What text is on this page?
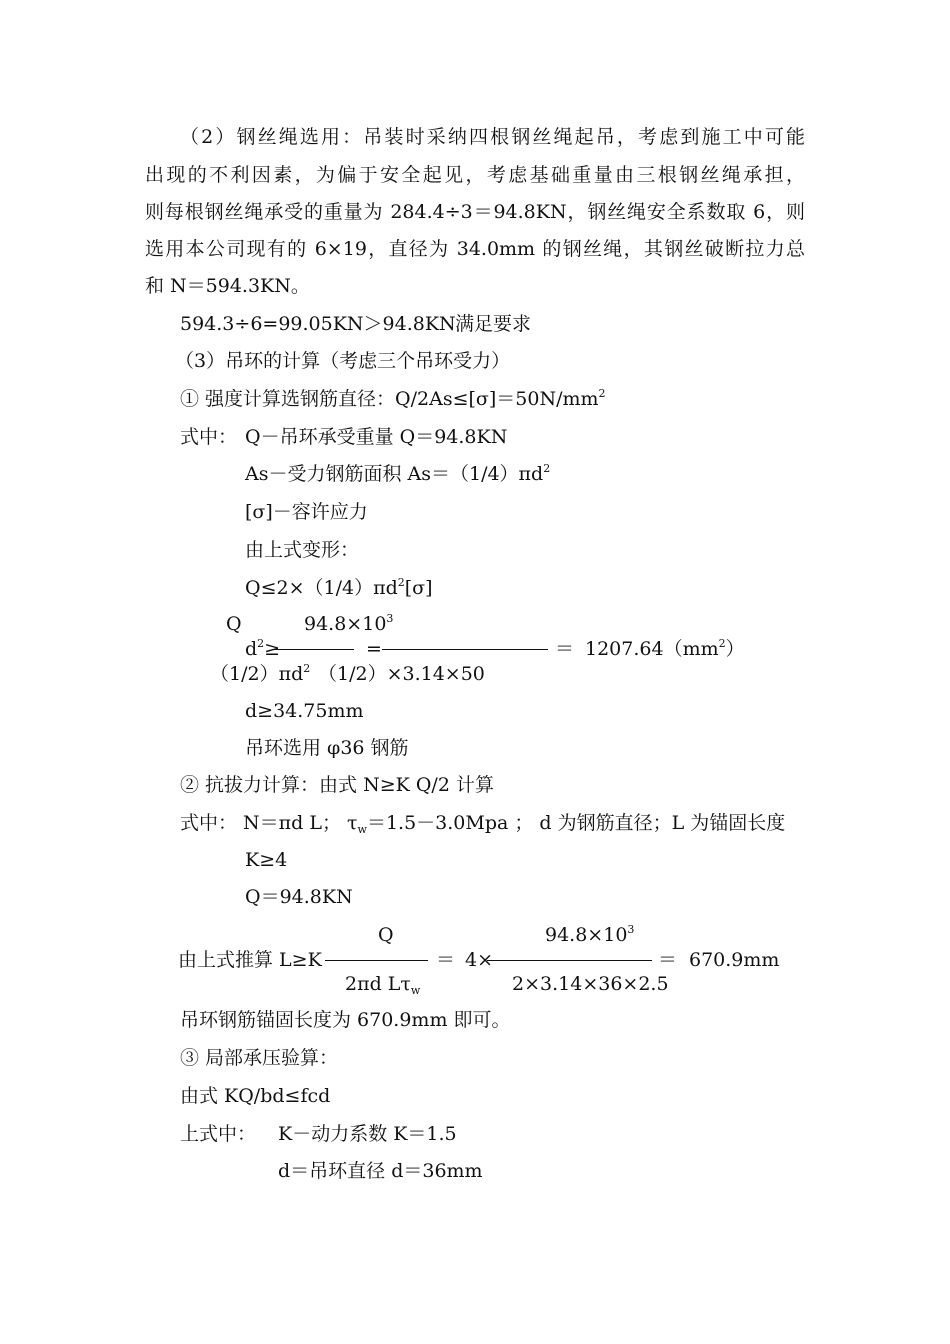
（2）钢丝绳选用：吊装时采纳四根钢丝绳起吊，考虑到施工中可能
出现的不利因素，为偏于安全起见，考虑基础重量由三根钢丝绳承担，
则每根钢丝绳承受的重量为 284.4÷3＝94.8KN，钢丝绳安全系数取 6，则
选用本公司现有的 6×19，直径为 34.0mm 的钢丝绳，其钢丝破断拉力总
和 N＝594.3KN。
594.3÷6=99.05KN＞94.8KN 满足要求
（3）吊环的计算（考虑三个吊环受力）
① 强度计算选钢筋直径：$Q/2As\le[\sigma]=50N/mm^2$
式中： Q－吊环承受重量 Q＝94.8KN
As－受力钢筋面积 $As=(1/4)\pi d^2$
[σ]－容许应力
由上式变形：
$Q\le 2\times(1/4)\pi d^2[\sigma]$
Q	$94.8\times 10^3$
$d^2\ge$	=	＝ $1207.64(mm^2)$
$(1/2)\pi d^2$ （1/2）×3.14×50
d≥34.75mm
吊环选用 φ36 钢筋
② 抗拔力计算：由式 N≥K Q/2 计算
式中： N＝πd L； $\tau_w=1.5-3.0Mpa$ ； d 为钢筋直径；L 为锚固长度
K≥4
Q＝94.8KN
Q	$94.8\times 10^3$
由上式推算 L≥K	＝ 4×	＝ 670.9mm
2πd $L\tau_w$	2×3.14×36×2.5
吊环钢筋锚固长度为 670.9mm 即可。
③ 局部承压验算：
由式 KQ/bd≤fcd
上式中： K－动力系数 K＝1.5
d＝吊环直径 d＝36mm
